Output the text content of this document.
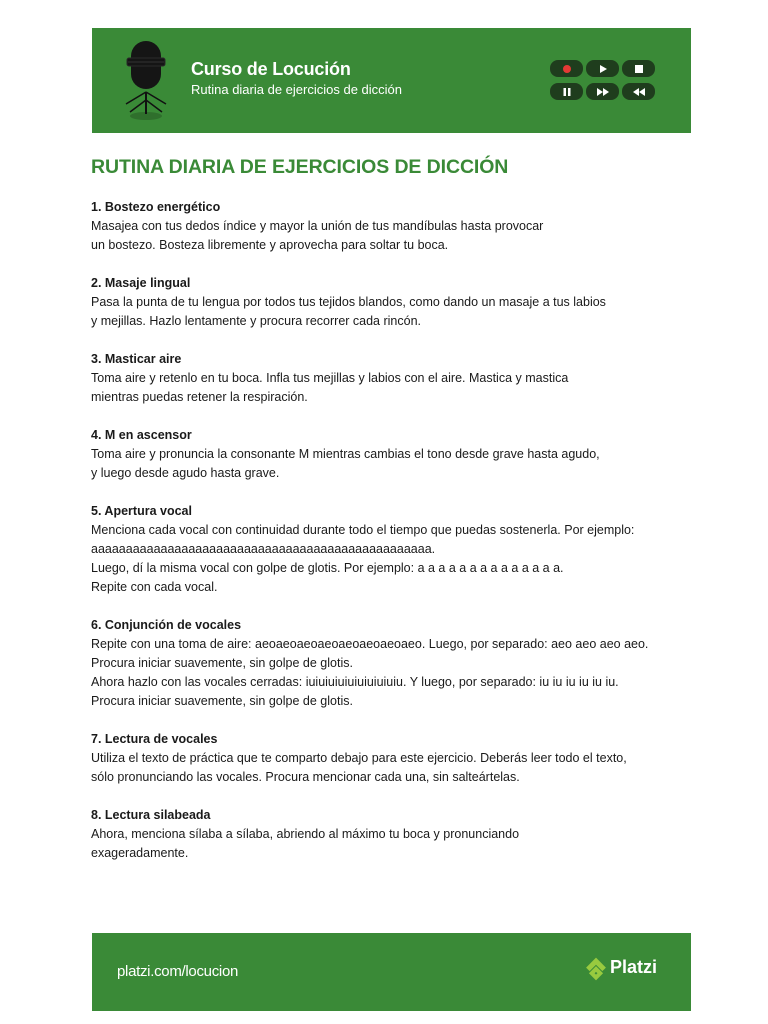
Curso de Locución
Rutina diaria de ejercicios de dicción
RUTINA DIARIA DE EJERCICIOS DE DICCIÓN
1. Bostezo energético
Masajea con tus dedos índice y mayor la unión de tus mandíbulas hasta provocar
un bostezo. Bosteza libremente y aprovecha para soltar tu boca.
2. Masaje lingual
Pasa la punta de tu lengua por todos tus tejidos blandos, como dando un masaje a tus labios
y mejillas. Hazlo lentamente y procura recorrer cada rincón.
3. Masticar aire
Toma aire y retenlo en tu boca. Infla tus mejillas y labios con el aire. Mastica y mastica
mientras puedas retener la respiración.
4. M en ascensor
Toma aire y pronuncia la consonante M mientras cambias el tono desde grave hasta agudo,
y luego desde agudo hasta grave.
5. Apertura vocal
Menciona cada vocal con continuidad durante todo el tiempo que puedas sostenerla. Por ejemplo:
aaaaaaaaaaaaaaaaaaaaaaaaaaaaaaaaaaaaaaaaaaaaaaaaa.
Luego, dí la misma vocal con golpe de glotis. Por ejemplo: a a a a a a a a a a a a a a.
Repite con cada vocal.
6. Conjunción de vocales
Repite con una toma de aire: aeoaeoaeoaeoaeoaeoaeoaeo. Luego, por separado: aeo aeo aeo aeo.
Procura iniciar suavemente, sin golpe de glotis.
Ahora hazlo con las vocales cerradas: iuiuiuiuiuiuiuiuiuiu. Y luego, por separado: iu iu iu iu iu iu.
Procura iniciar suavemente, sin golpe de glotis.
7. Lectura de vocales
Utiliza el texto de práctica que te comparto debajo para este ejercicio. Deberás leer todo el texto,
sólo pronunciando las vocales. Procura mencionar cada una, sin salteártelas.
8. Lectura silabeada
Ahora, menciona sílaba a sílaba, abriendo al máximo tu boca y pronunciando
exageradamente.
platzi.com/locucion	Platzi
